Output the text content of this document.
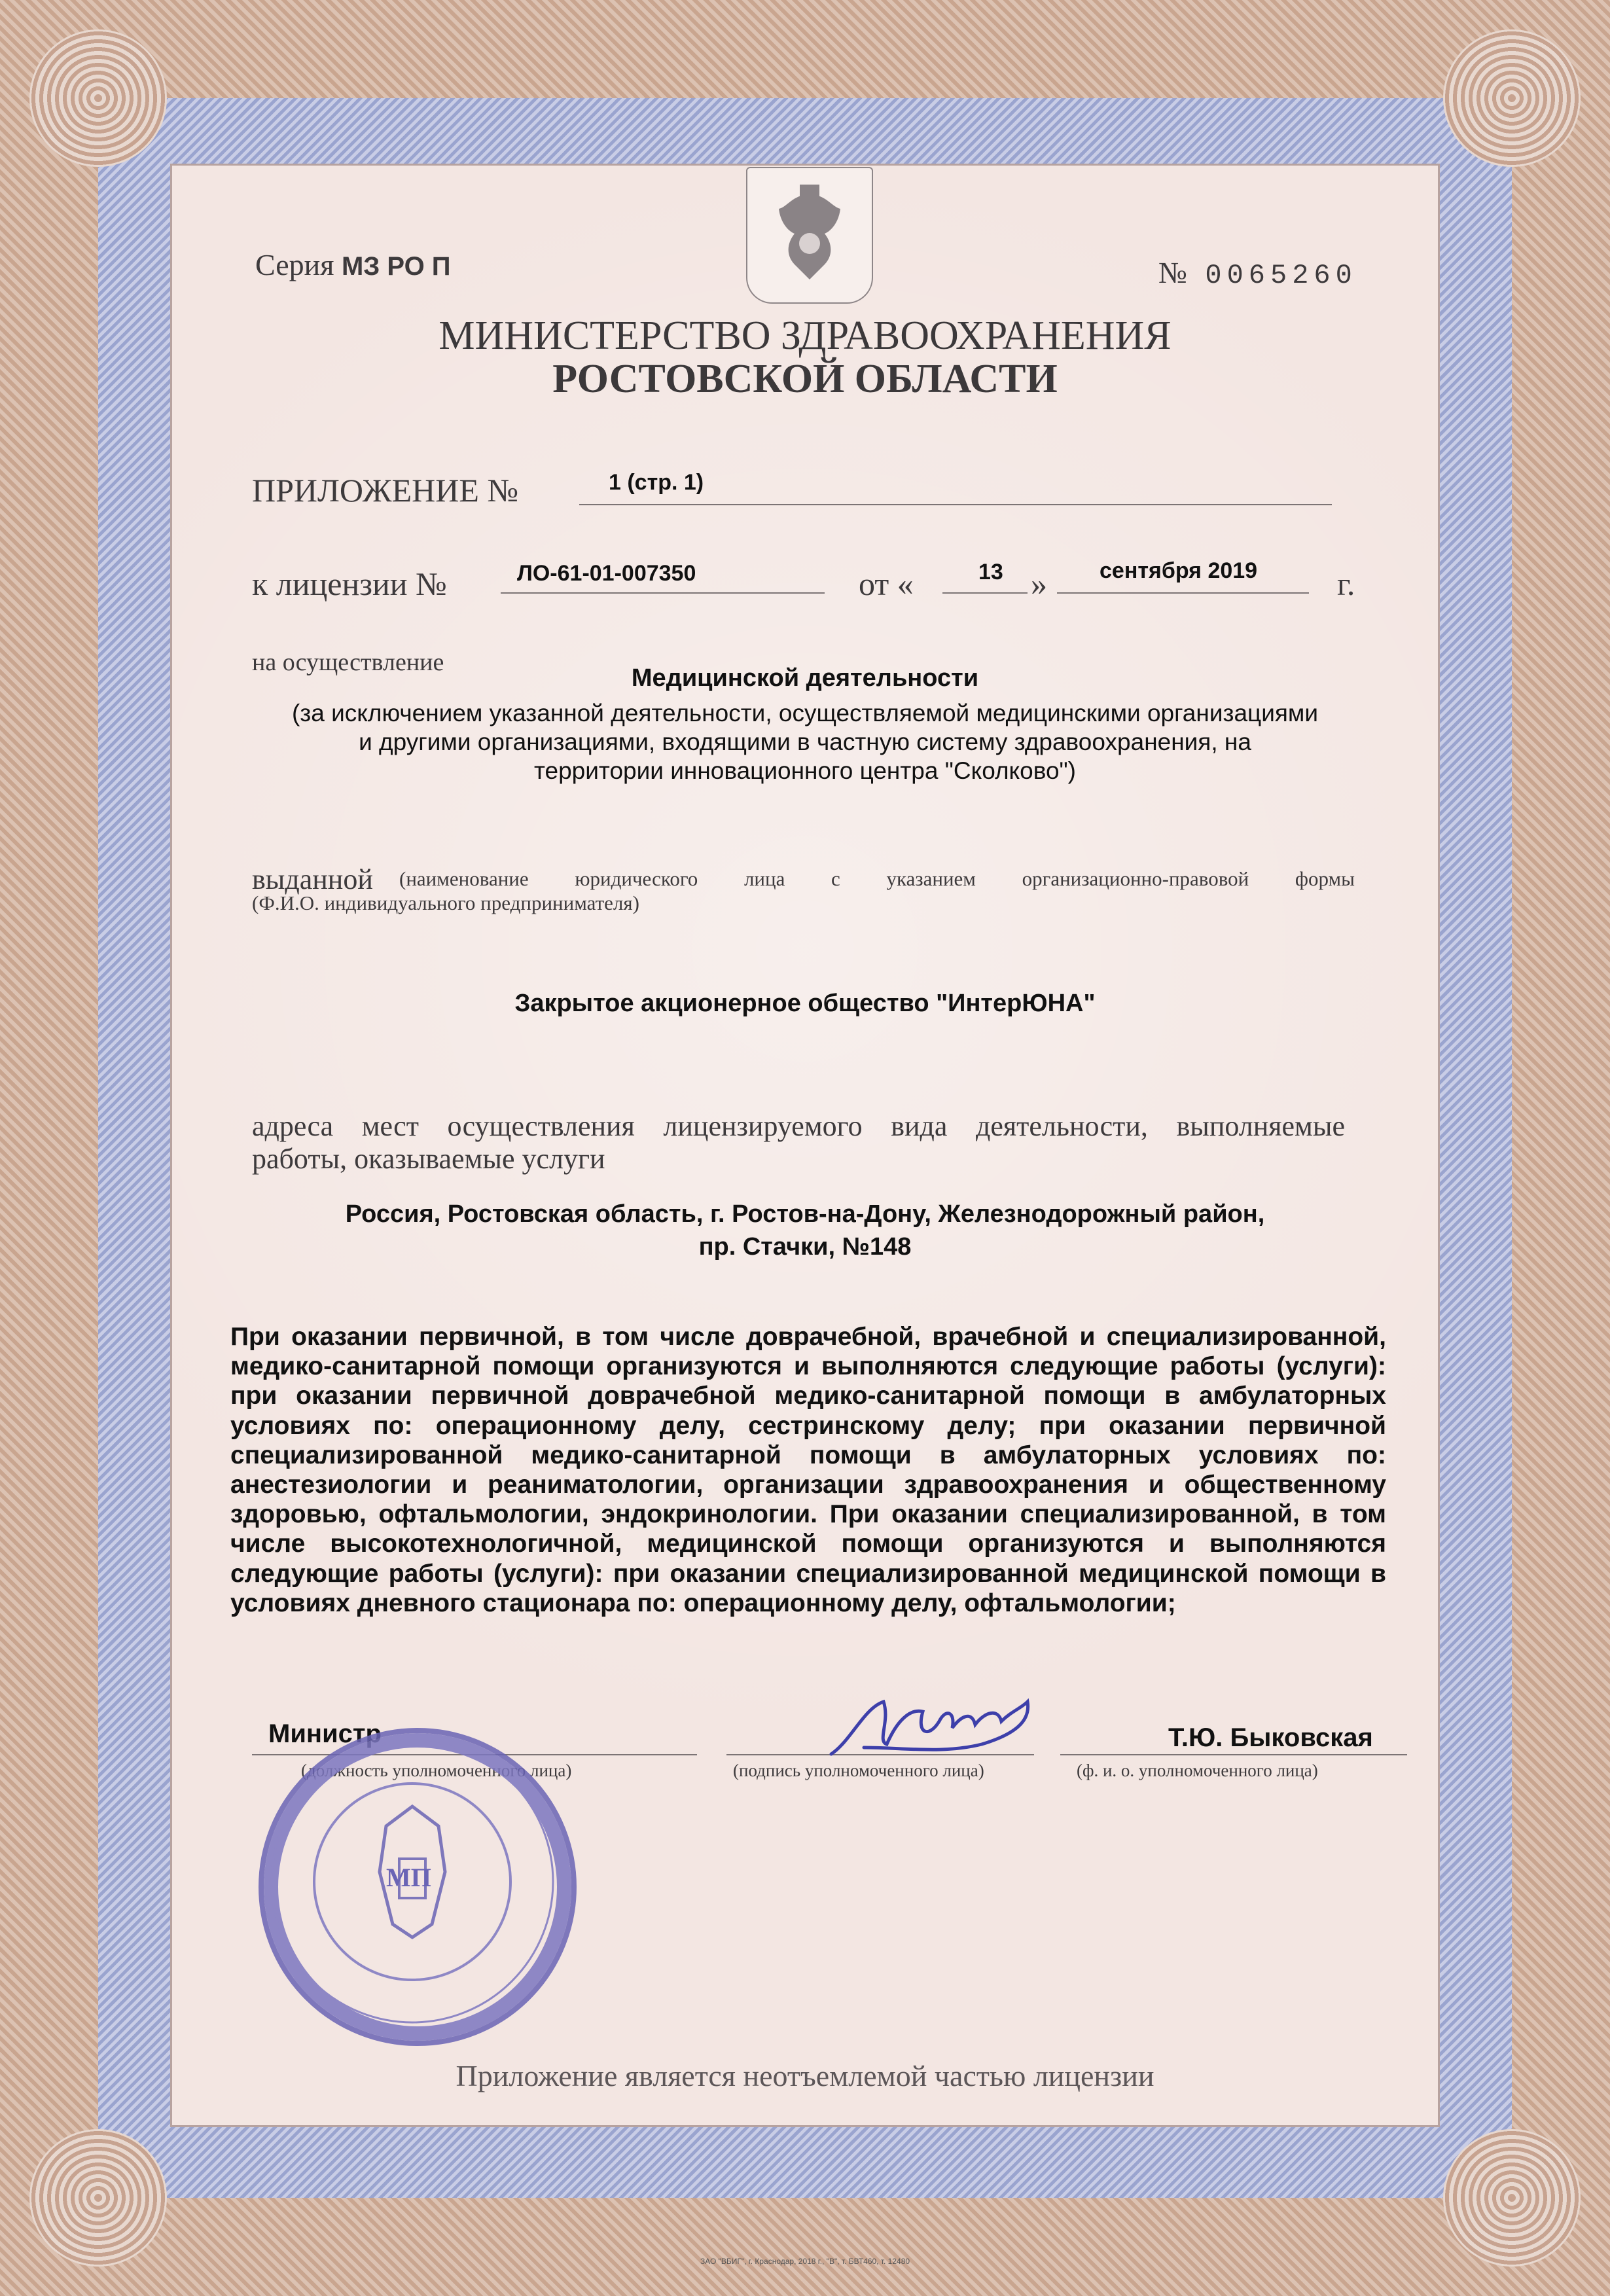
Серия МЗ РО П	№ 0065260
МИНИСТЕРСТВО ЗДРАВООХРАНЕНИЯ
РОСТОВСКОЙ ОБЛАСТИ
ПРИЛОЖЕНИЕ №	1 (стр. 1)
к лицензии №	ЛО-61-01-007350	от «	13 » сентября 2019 г.
на осуществление
Медицинской деятельности
(за исключением указанной деятельности, осуществляемой медицинскими организациями
и другими организациями, входящими в частную систему здравоохранения, на
территории инновационного центра "Сколково")
выданной (наименование юридического лица с указанием организационно-правовой формы
(Ф.И.О. индивидуального предпринимателя)
Закрытое акционерное общество "ИнтерЮНА"
адреса мест осуществления лицензируемого вида деятельности, выполняемые
работы, оказываемые услуги
Россия, Ростовская область, г. Ростов-на-Дону, Железнодорожный район,
пр. Стачки, №148
При оказании первичной, в том числе доврачебной, врачебной и специализированной, медико-санитарной помощи организуются и выполняются следующие работы (услуги): при оказании первичной доврачебной медико-санитарной помощи в амбулаторных условиях по: операционному делу, сестринскому делу; при оказании первичной специализированной медико-санитарной помощи в амбулаторных условиях по: анестезиологии и реаниматологии, организации здравоохранения и общественному здоровью, офтальмологии, эндокринологии. При оказании специализированной, в том числе высокотехнологичной, медицинской помощи организуются и выполняются следующие работы (услуги): при оказании специализированной медицинской помощи в условиях дневного стационара по: операционному делу, офтальмологии;
Министр
(должность уполномоченного лица)	(подпись уполномоченного лица)
Т.Ю. Быковская
(ф. и. о. уполномоченного лица)
МП
Приложение является неотъемлемой частью лицензии
ЗАО "ВБИГ", г. Краснодар, 2018 г., "В", т. БВТ460, т. 12480
